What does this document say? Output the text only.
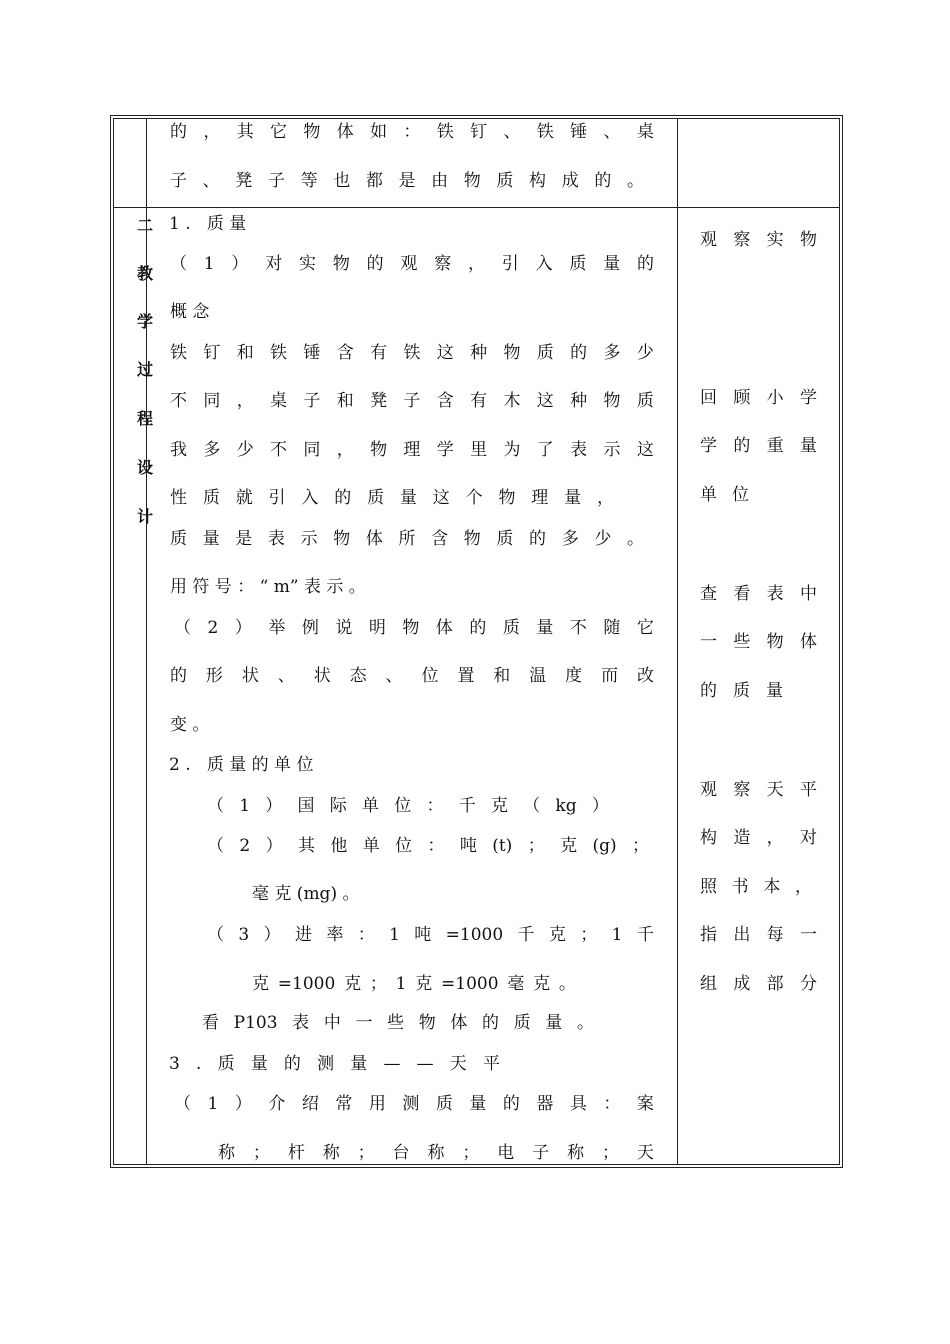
的 ， 其 它 物 体 如 ： 铁 钉 、 铁 锤 、 桌
子 、 凳 子 等 也 都 是 由 物 质 构 成 的 。
二
教
学
过
程
设
计
1 .   质 量
（ 1 ） 对 实 物 的 观 察 ， 引 入 质 量 的
概 念
铁 钉 和 铁 锤 含 有 铁 这 种 物 质 的 多 少
不 同 ， 桌 子 和 凳 子 含 有 木 这 种 物 质
我 多 少 不 同 ， 物 理 学 里 为 了 表 示 这
性 质 就 引 入 的 质 量 这 个 物 理 量 ，
质 量 是 表 示 物 体 所 含 物 质 的 多 少 。
用 符 号 ： “ m” 表 示 。
（ 2 ） 举 例 说 明 物 体 的 质 量 不 随 它
的 形 状 、 状 态 、 位 置 和 温 度 而 改
变 。
2 .   质 量 的 单 位
（ 1 ） 国 际 单 位 ： 千 克 （ kg ）
（ 2 ） 其 他 单 位 ： 吨 (t) ； 克 (g) ；
毫 克 (mg) 。
（ 3 ） 进 率 ： 1 吨 =1000 千 克 ； 1 千
克 =1000 克 ； 1 克 =1000 毫 克 。
看 P103 表 中 一 些 物 体 的 质 量 。
3 . 质 量 的 测 量 — — 天 平
（ 1 ） 介 绍 常 用 测 质 量 的 器 具 ： 案
称 ； 杆 称 ； 台 称 ； 电 子 称 ； 天
观 察 实 物
回 顾 小 学
学 的 重 量
单 位
查 看 表 中
一 些 物 体
的 质 量
观 察 天 平
构 造 ， 对
照 书 本 ，
指 出 每 一
组 成 部 分
